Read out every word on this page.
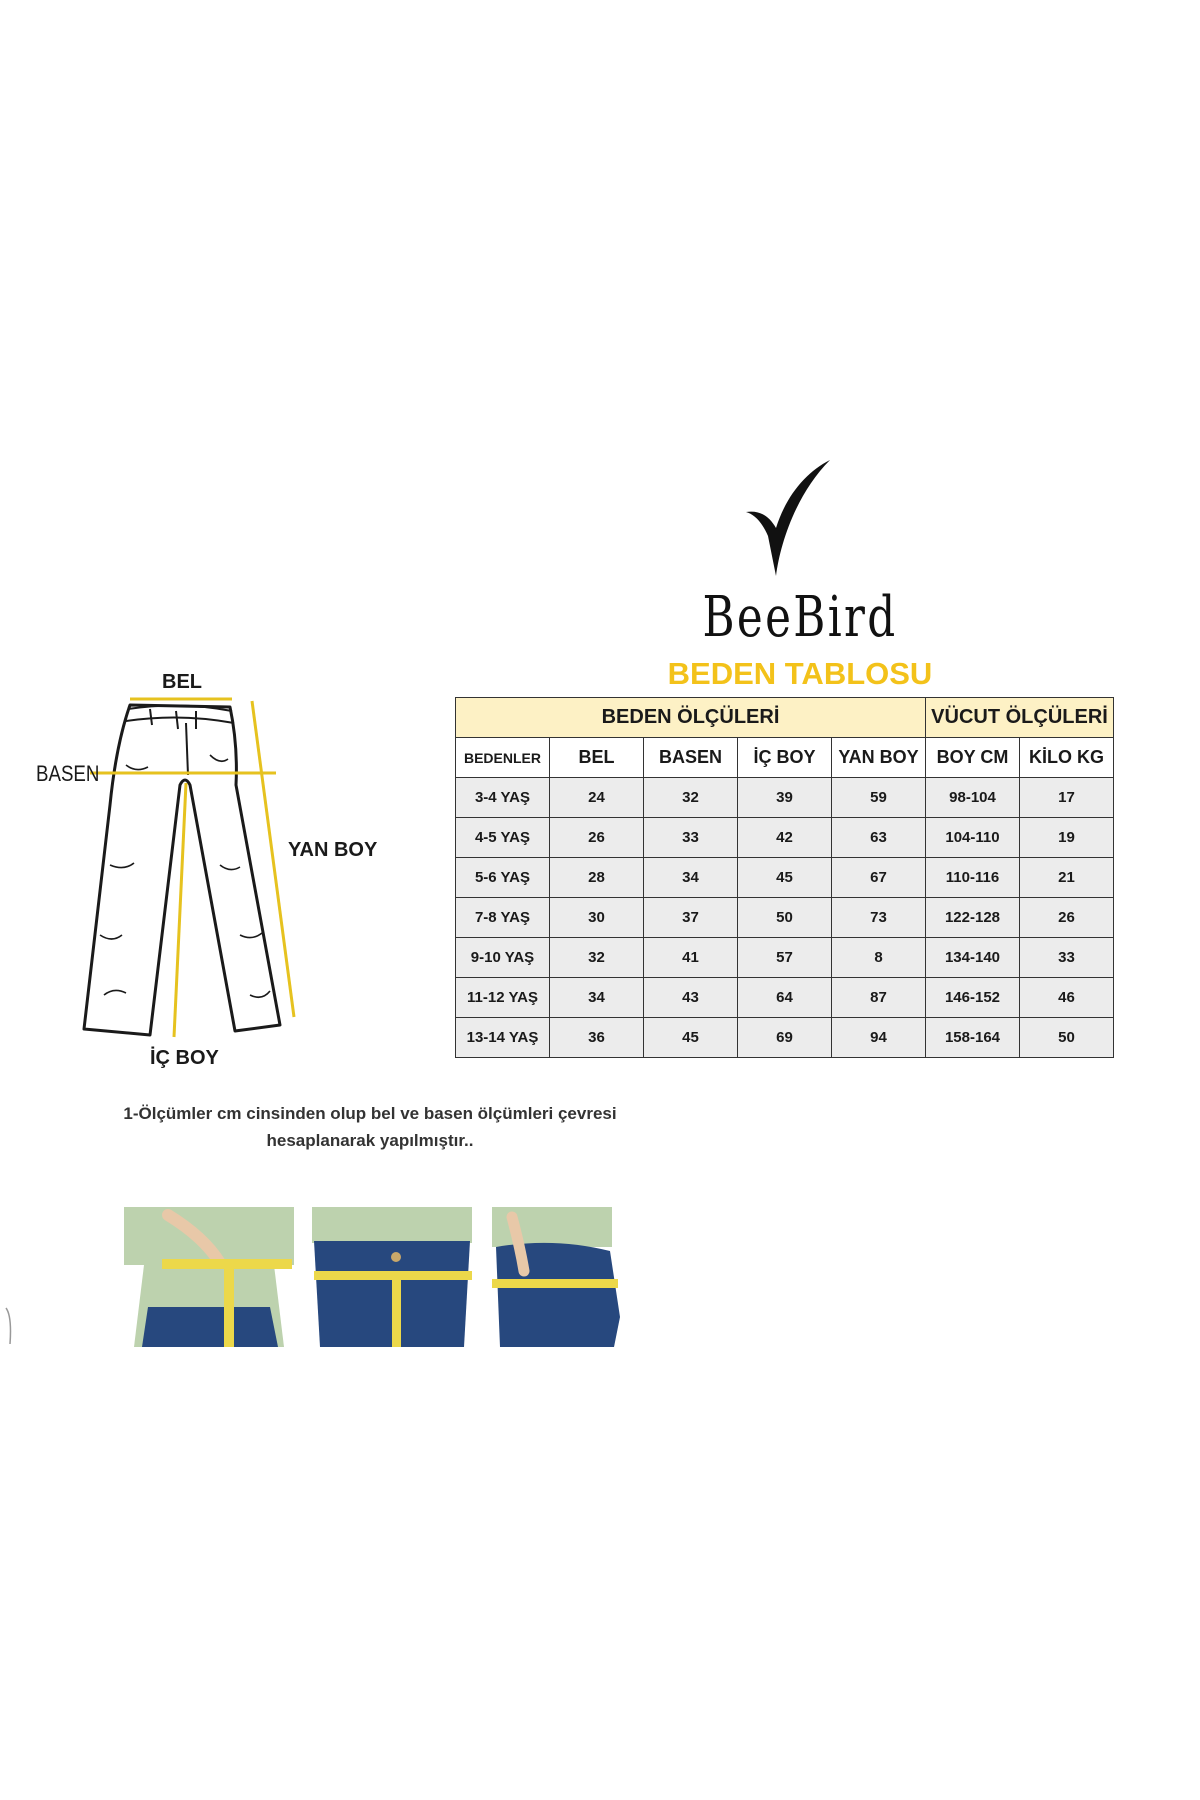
BeeBird
BEDEN TABLOSU
BEDEN ÖLÇÜLERİ					VÜCUT ÖLÇÜLERİ	
BEDENLER	BEL	BASEN	İÇ BOY	YAN BOY	BOY CM	KİLO KG
3-4 YAŞ	24	32	39	59	98-104	17
4-5 YAŞ	26	33	42	63	104-110	19
5-6 YAŞ	28	34	45	67	110-116	21
7-8 YAŞ	30	37	50	73	122-128	26
9-10 YAŞ	32	41	57	8	134-140	33
11-12 YAŞ	34	43	64	87	146-152	46
13-14 YAŞ	36	45	69	94	158-164	50
BEL
BASEN
YAN BOY
İÇ BOY
1-Ölçümler cm cinsinden olup bel ve basen ölçümleri çevresi hesaplanarak yapılmıştır..
